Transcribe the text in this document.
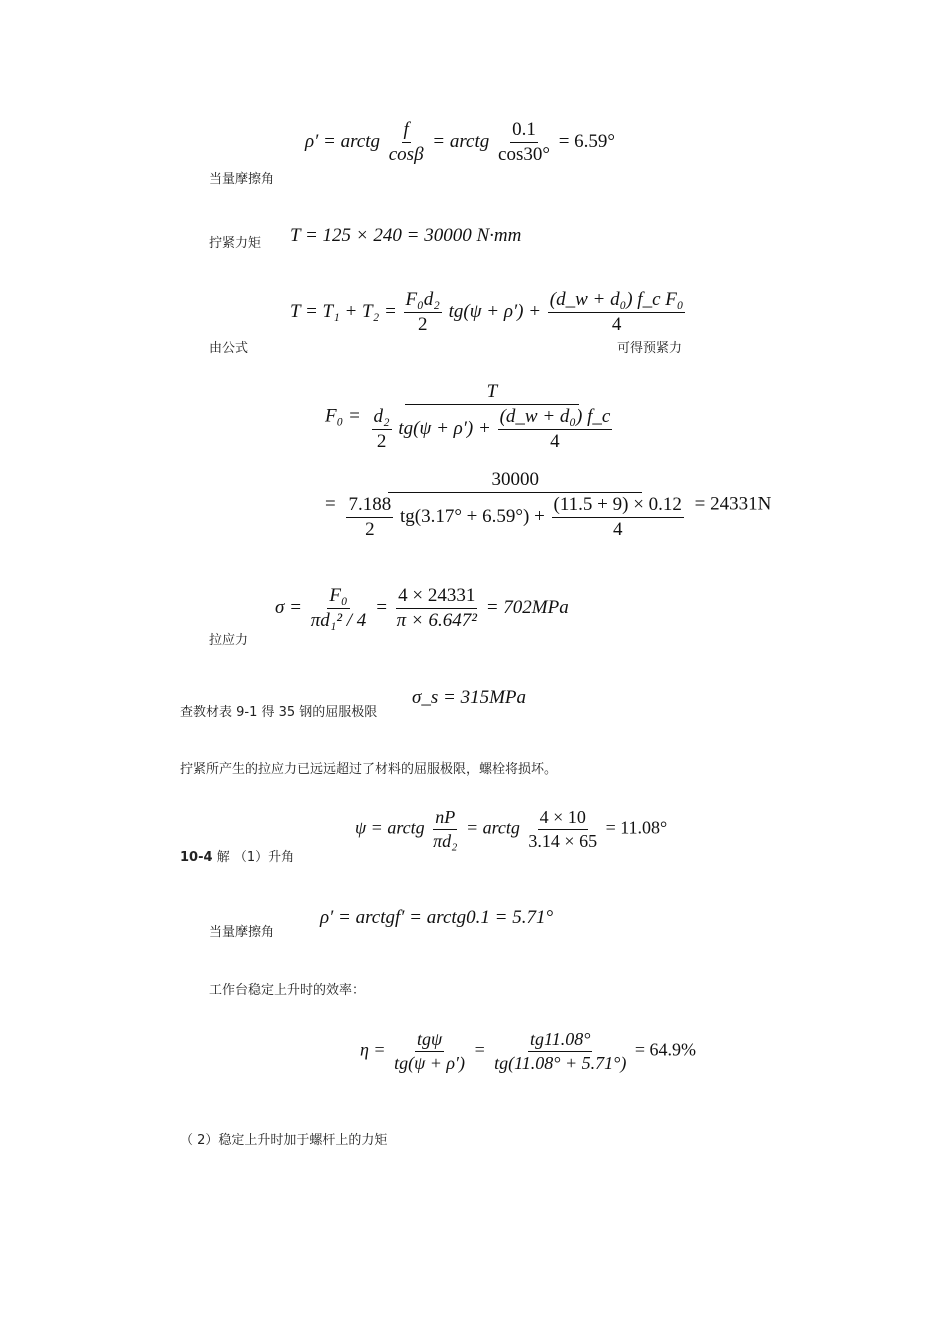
ρ′ = arctg $\frac{f}{\cos\beta}$ = arctg $\frac{0.1}{\cos 30^\circ} = 6.59^\circ$
当量摩擦角
拧紧力矩 T = 125 × 240 = 30000 N·mm
$T = T_1 + T_2 = \frac{\text{F₀d₂}}{2} tg(\psi + \rho') + \frac{\text{(d\_w + d₀) f\_c F₀}}{4}$
由公式	可得预紧力
$F_0 = \frac{T}{\frac{\text{d₂}}{2} tg(\psi + \rho') + \frac{\text{(d\_w + d₀) f\_c}}{4}}$
= $\frac{30000}{\frac{7.188}{2} tg(3.17^\circ + 6.59^\circ) + \frac{(11.5 + 9) \times 0.12}{4}} = 24331N$
$\sigma = \frac{\text{F₀}}{\text{πd₁² / 4}} = \frac{4 \times 24331}{\text{π × 6.647²}} = 702MPa$
拉应力
查教材表 9-1 得 35 钢的屈服极限
σ_s = 315MPa
拧紧所产生的拉应力已远远超过了材料的屈服极限，螺栓将损坏。
ψ = arctg $\frac{nP}{\text{πd₂}}$ = arctg $\frac{4 \times 10}{3.14 \times 65} = 11.08^\circ$
10-4 解 （1）升角
当量摩擦角
ρ′ = arctgf′ = arctg0.1 = 5.71°
工作台稳定上升时的效率：
$\eta = \frac{\text{tgψ}}{tg(\psi + \rho')} = \frac{tg11.08^\circ}{tg(11.08^\circ + 5.71^\circ)} = 64.9\%$
（ 2）稳定上升时加于螺杆上的力矩
